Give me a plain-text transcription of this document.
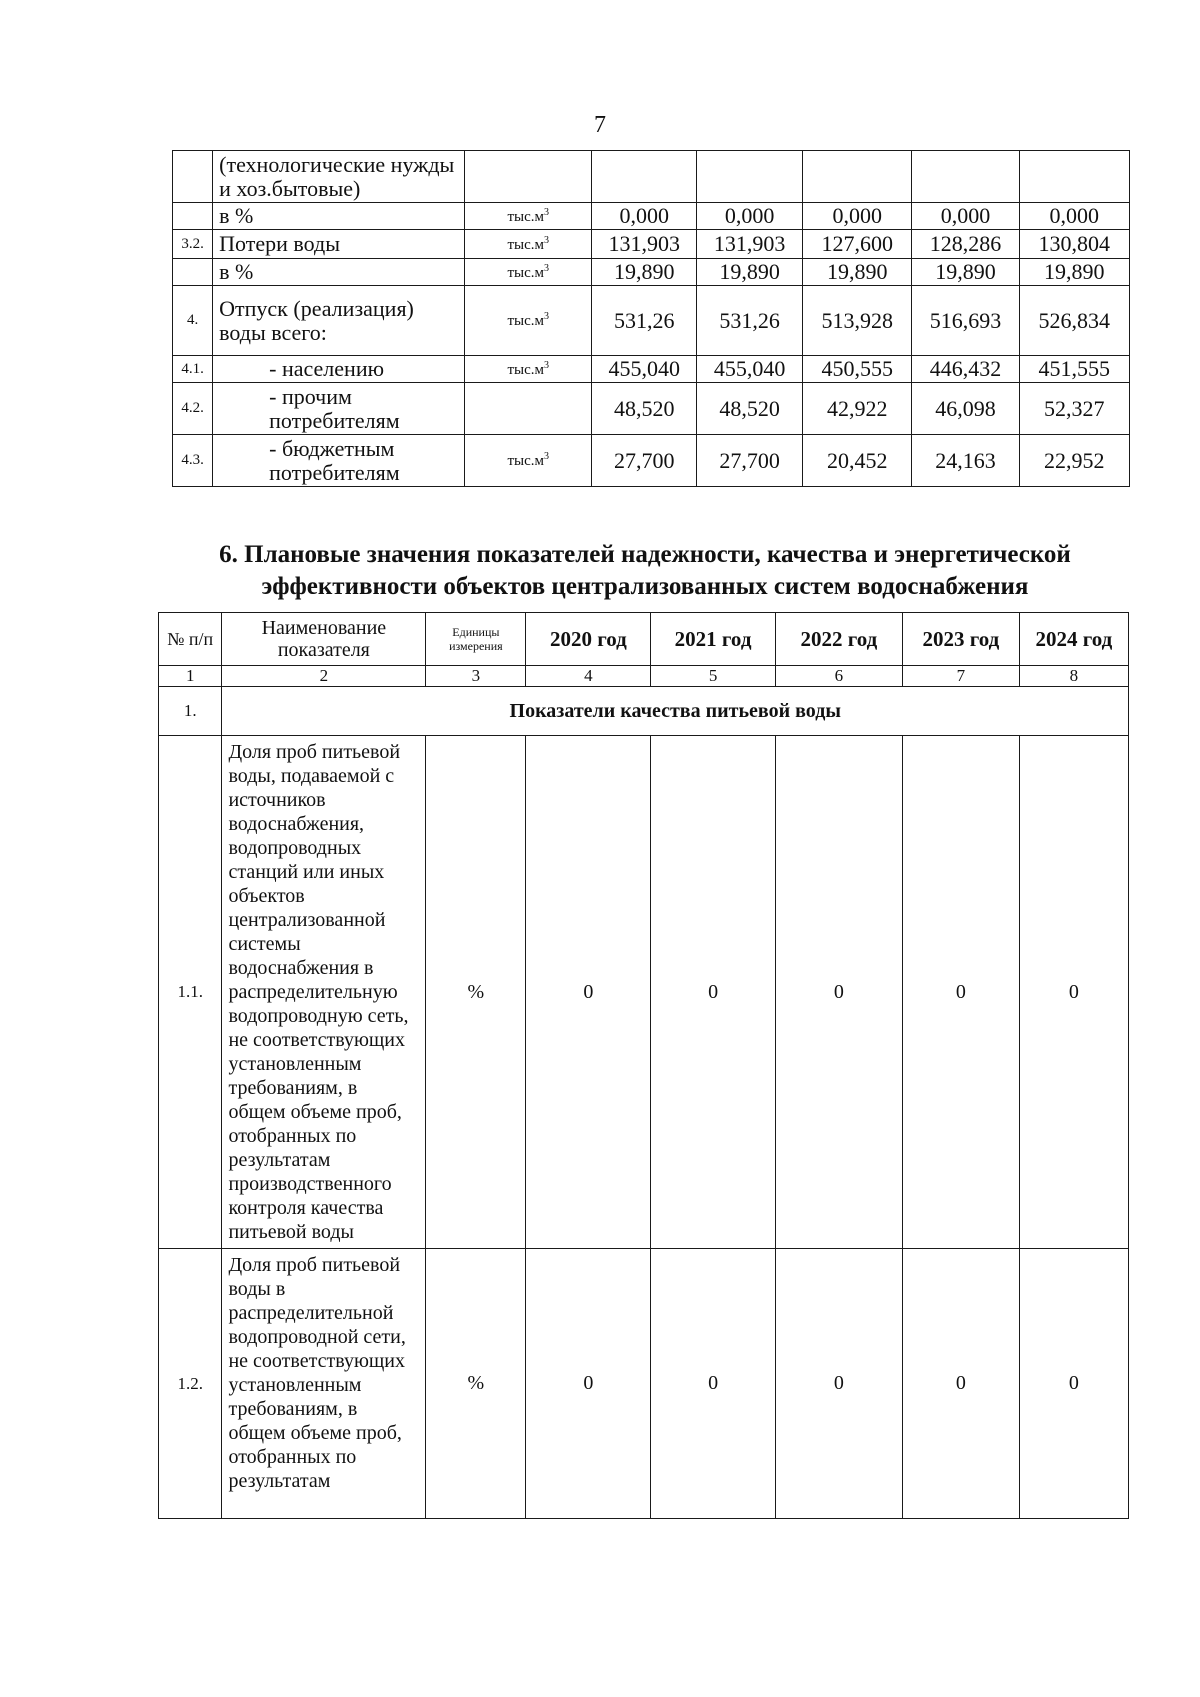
7
	(технологические нужды и хоз.бытовые)						
	в %	$тыс.м^3$	0,000	0,000	0,000	0,000	0,000
3.2.	Потери воды	$тыс.м^3$	131,903	131,903	127,600	128,286	130,804
	в %	$тыс.м^3$	19,890	19,890	19,890	19,890	19,890
4.	Отпуск (реализация) воды всего:	$тыс.м^3$	531,26	531,26	513,928	516,693	526,834
4.1.	- населению	$тыс.м^3$	455,040	455,040	450,555	446,432	451,555
4.2.	- прочим потребителям		48,520	48,520	42,922	46,098	52,327
4.3.	- бюджетным потребителям	$тыс.м^3$	27,700	27,700	20,452	24,163	22,952
6. Плановые значения показателей надежности, качества и энергетической эффективности объектов централизованных систем водоснабжения
№ п/п	Наименование показателя	Единицы измерения	2020 год	2021 год	2022 год	2023 год	2024 год
1	2	3	4	5	6	7	8
1.	Показатели качества питьевой воды						
1.1.	Доля проб питьевой воды, подаваемой с источников водоснабжения, водопроводных станций или иных объектов централизованной системы водоснабжения в распределительную водопроводную сеть, не соответствующих установленным требованиям, в общем объеме проб, отобранных по результатам производственного контроля качества питьевой воды	%	0	0	0	0	0
1.2.	Доля проб питьевой воды в распределительной водопроводной сети, не соответствующих установленным требованиям, в общем объеме проб, отобранных по результатам	%	0	0	0	0	0
